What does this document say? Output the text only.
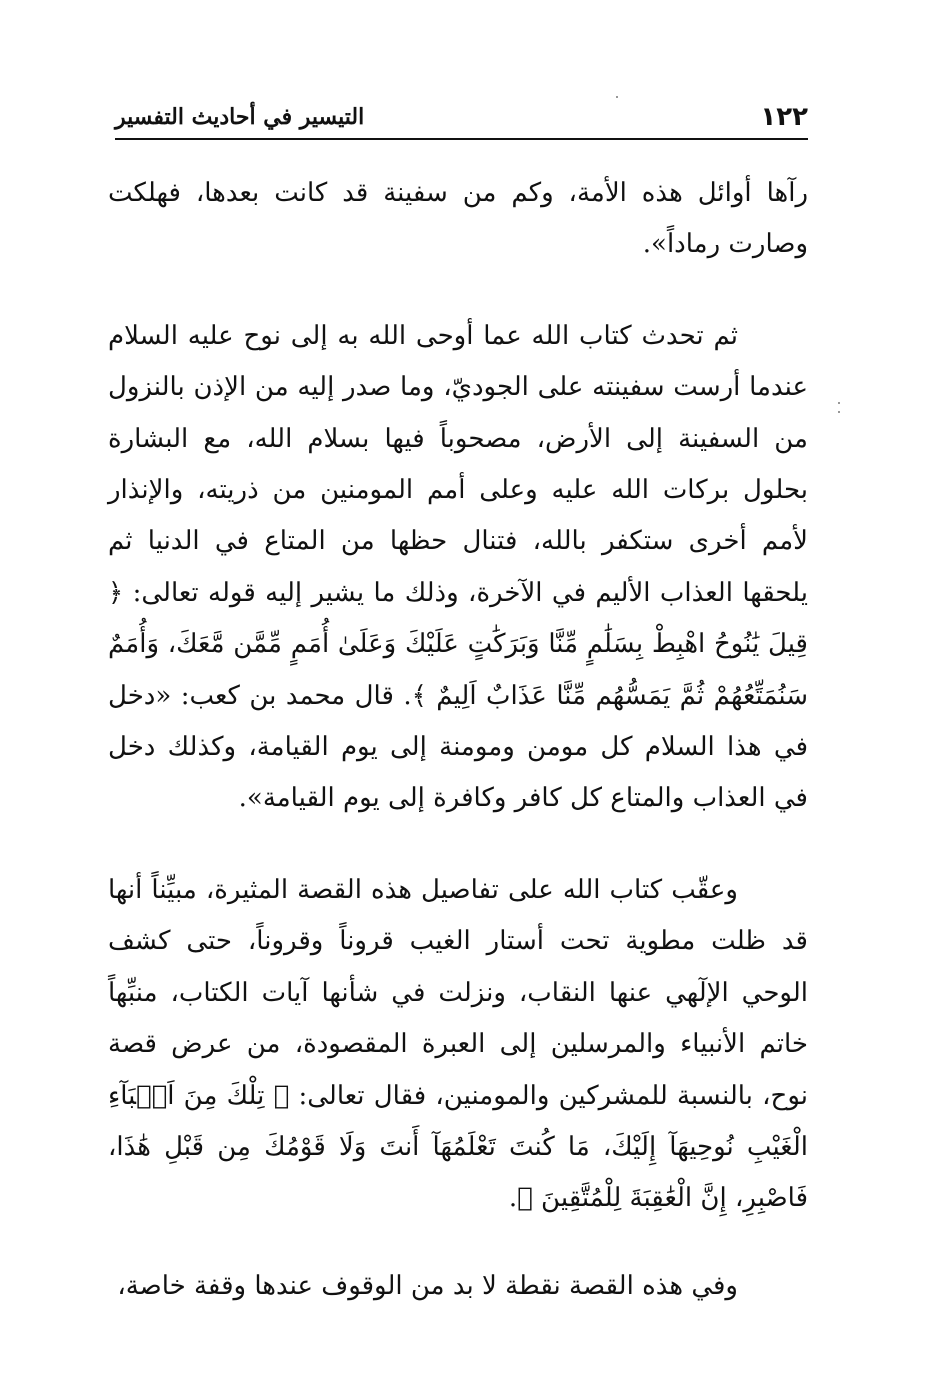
١٢٢
التيسير في أحاديث التفسير

رآها أوائل هذه الأمة، وكم من سفينة قد كانت بعدها، فهلكت وصارت رماداً».

ثم تحدث كتاب الله عما أوحى الله به إلى نوح عليه السلام عندما أرست سفينته على الجوديّ، وما صدر إليه من الإذن بالنزول من السفينة إلى الأرض، مصحوباً فيها بسلام الله، مع البشارة بحلول بركات الله عليه وعلى أمم المومنين من ذريته، والإنذار لأمم أخرى ستكفر بالله، فتنال حظها من المتاع في الدنيا ثم يلحقها العذاب الأليم في الآخرة، وذلك ما يشير إليه قوله تعالى: ﴿ قِيلَ يَٰنُوحُ اهْبِطْ بِسَلَٰمٍ مِّنَّا وَبَرَكَٰتٍ عَلَيْكَ وَعَلَىٰ أُمَمٍ مِّمَّن مَّعَكَ، وَأُمَمٌ سَنُمَتِّعُهُمْ ثُمَّ يَمَسُّهُم مِّنَّا عَذَابٌ اَلِيمٌ ﴾. قال محمد بن كعب: «دخل في هذا السلام كل مومن ومومنة إلى يوم القيامة، وكذلك دخل في العذاب والمتاع كل كافر وكافرة إلى يوم القيامة».

وعقّب كتاب الله على تفاصيل هذه القصة المثيرة، مبيِّناً أنها قد ظلت مطوية تحت أستار الغيب قروناً وقروناً، حتى كشف الوحي الإلٓهي عنها النقاب، ونزلت في شأنها آيات الكتاب، منبِّهاً خاتم الأنبياء والمرسلين إلى العبرة المقصودة، من عرض قصة نوح، بالنسبة للمشركين والمومنين، فقال تعالى: ﴿ تِلْكَ مِنَ اَنۢبَآءِ الْغَيْبِ نُوحِيهَآ إِلَيْكَ، مَا كُنتَ تَعْلَمُهَآ أَنتَ وَلَا قَوْمُكَ مِن قَبْلِ هَٰذَا، فَاصْبِرِ، إِنَّ الْعَٰقِبَةَ لِلْمُتَّقِينَ ﴾.

وفي هذه القصة نقطة لا بد من الوقوف عندها وقفة خاصة،
